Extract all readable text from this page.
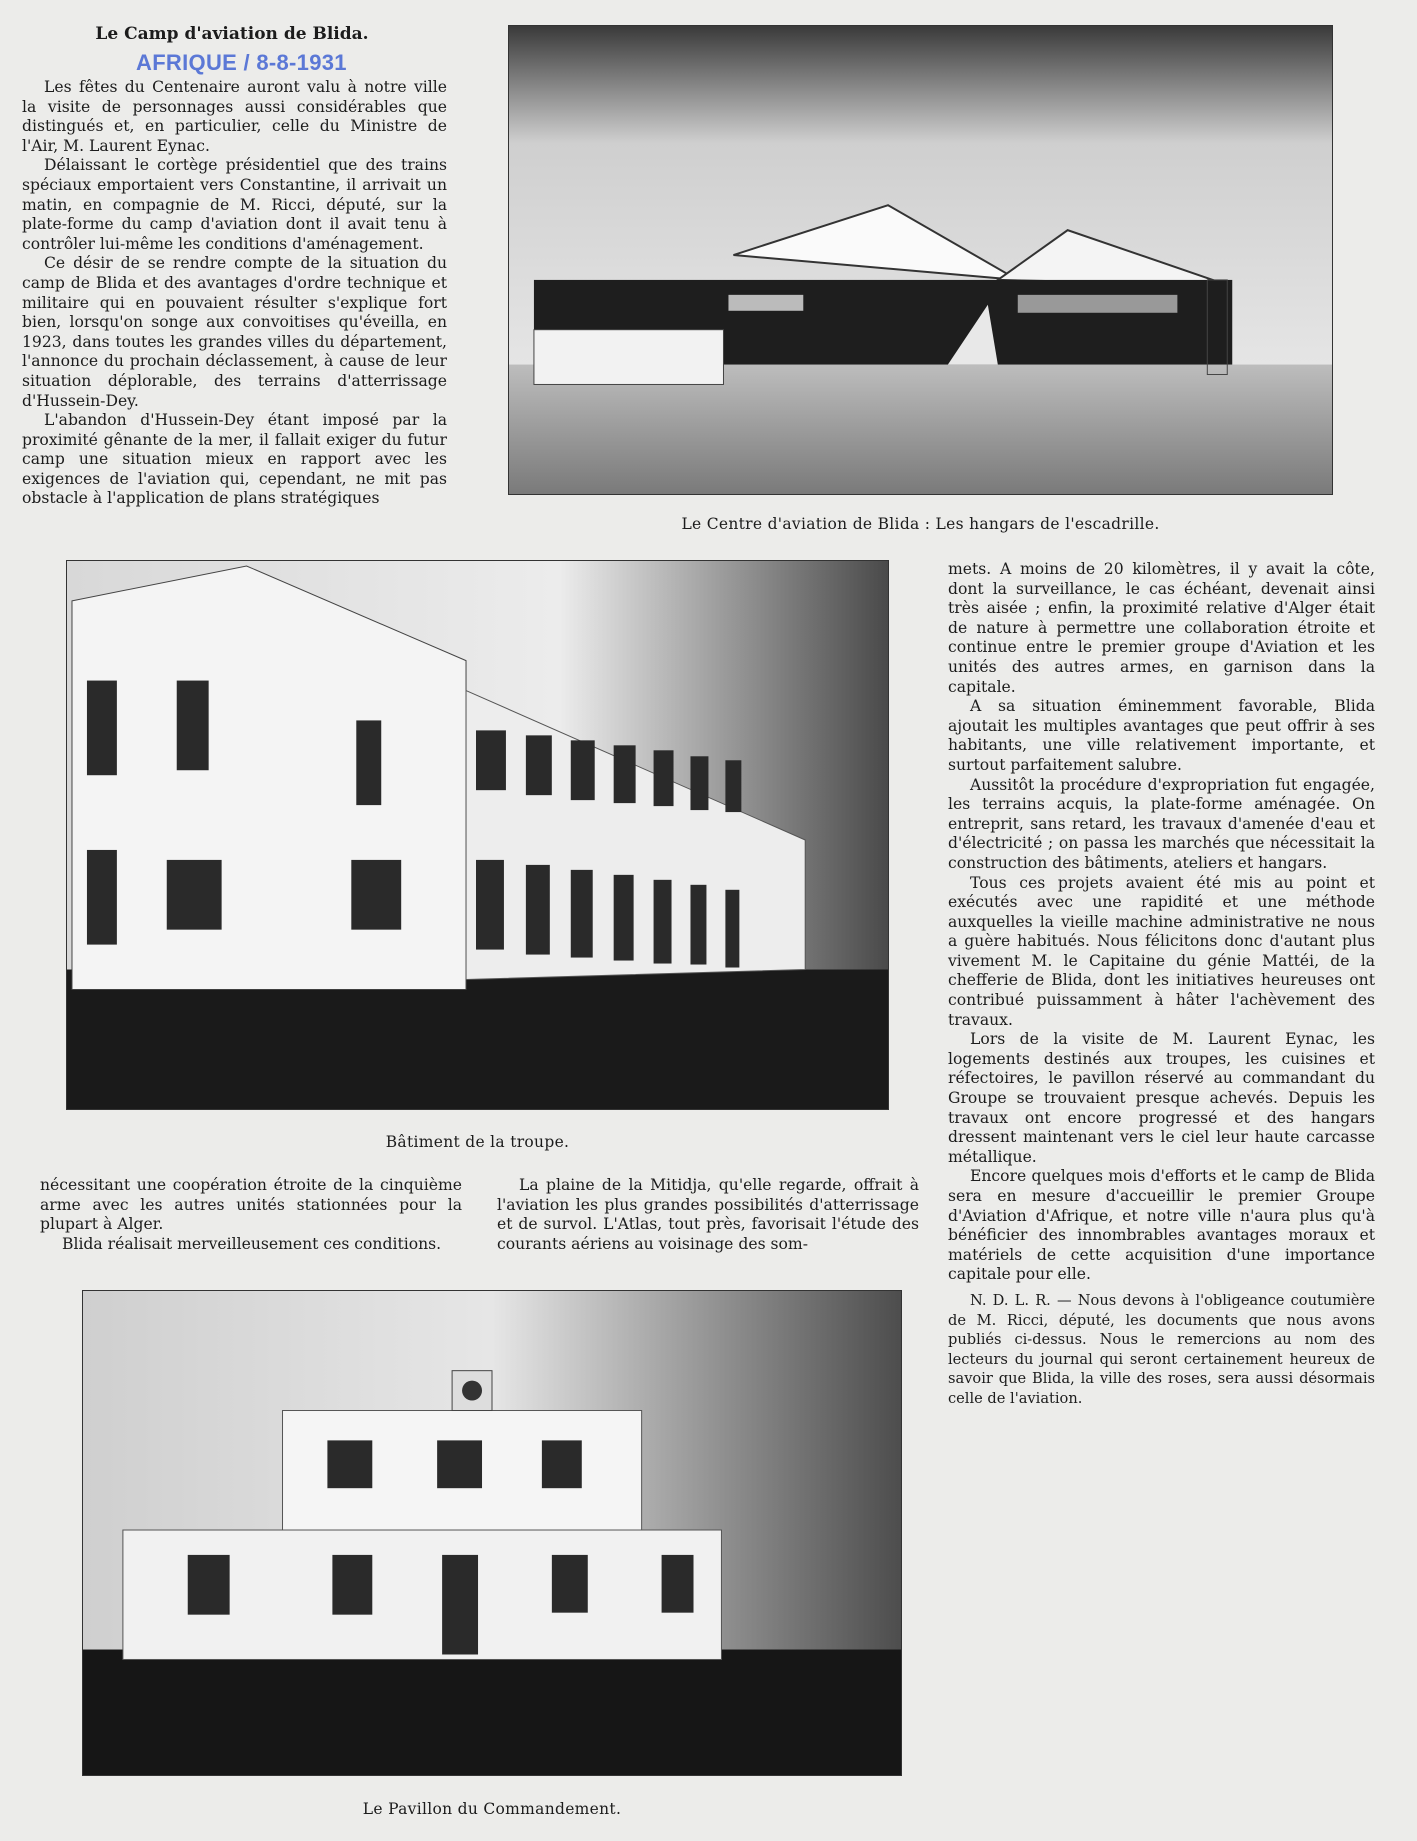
Le Camp d'aviation de Blida.
AFRIQUE / 8-8-1931

Les fêtes du Centenaire auront valu à notre ville la visite de personnages aussi considérables que distingués et, en particulier, celle du Ministre de l'Air, M. Laurent Eynac.

Délaissant le cortège présidentiel que des trains spéciaux emportaient vers Constantine, il arrivait un matin, en compagnie de M. Ricci, député, sur la plate-forme du camp d'aviation dont il avait tenu à contrôler lui-même les conditions d'aménagement.

Ce désir de se rendre compte de la situation du camp de Blida et des avantages d'ordre technique et militaire qui en pouvaient résulter s'explique fort bien, lorsqu'on songe aux convoitises qu'éveilla, en 1923, dans toutes les grandes villes du département, l'annonce du prochain déclassement, à cause de leur situation déplorable, des terrains d'atterrissage d'Hussein-Dey.

L'abandon d'Hussein-Dey étant imposé par la proximité gênante de la mer, il fallait exiger du futur camp une situation mieux en rapport avec les exigences de l'aviation qui, cependant, ne mit pas obstacle à l'application de plans stratégiques

Le Centre d'aviation de Blida : Les hangars de l'escadrille.
Bâtiment de la troupe.

nécessitant une coopération étroite de la cinquième arme avec les autres unités stationnées pour la plupart à Alger.

Blida réalisait merveilleusement ces conditions.

La plaine de la Mitidja, qu'elle regarde, offrait à l'aviation les plus grandes possibilités d'atterrissage et de survol. L'Atlas, tout près, favorisait l'étude des courants aériens au voisinage des som-

mets. A moins de 20 kilomètres, il y avait la côte, dont la surveillance, le cas échéant, devenait ainsi très aisée ; enfin, la proximité relative d'Alger était de nature à permettre une collaboration étroite et continue entre le premier groupe d'Aviation et les unités des autres armes, en garnison dans la capitale.

A sa situation éminemment favorable, Blida ajoutait les multiples avantages que peut offrir à ses habitants, une ville relativement importante, et surtout parfaitement salubre.

Aussitôt la procédure d'expropriation fut engagée, les terrains acquis, la plate-forme aménagée. On entreprit, sans retard, les travaux d'amenée d'eau et d'électricité ; on passa les marchés que nécessitait la construction des bâtiments, ateliers et hangars.

Tous ces projets avaient été mis au point et exécutés avec une rapidité et une méthode auxquelles la vieille machine administrative ne nous a guère habitués. Nous félicitons donc d'autant plus vivement M. le Capitaine du génie Mattéi, de la chefferie de Blida, dont les initiatives heureuses ont contribué puissamment à hâter l'achèvement des travaux.

Lors de la visite de M. Laurent Eynac, les logements destinés aux troupes, les cuisines et réfectoires, le pavillon réservé au commandant du Groupe se trouvaient presque achevés. Depuis les travaux ont encore progressé et des hangars dressent maintenant vers le ciel leur haute carcasse métallique.

Encore quelques mois d'efforts et le camp de Blida sera en mesure d'accueillir le premier Groupe d'Aviation d'Afrique, et notre ville n'aura plus qu'à bénéficier des innombrables avantages moraux et matériels de cette acquisition d'une importance capitale pour elle.

N. D. L. R. — Nous devons à l'obligeance coutumière de M. Ricci, député, les documents que nous avons publiés ci-dessus. Nous le remercions au nom des lecteurs du journal qui seront certainement heureux de savoir que Blida, la ville des roses, sera aussi désormais celle de l'aviation.

Le Pavillon du Commandement.
